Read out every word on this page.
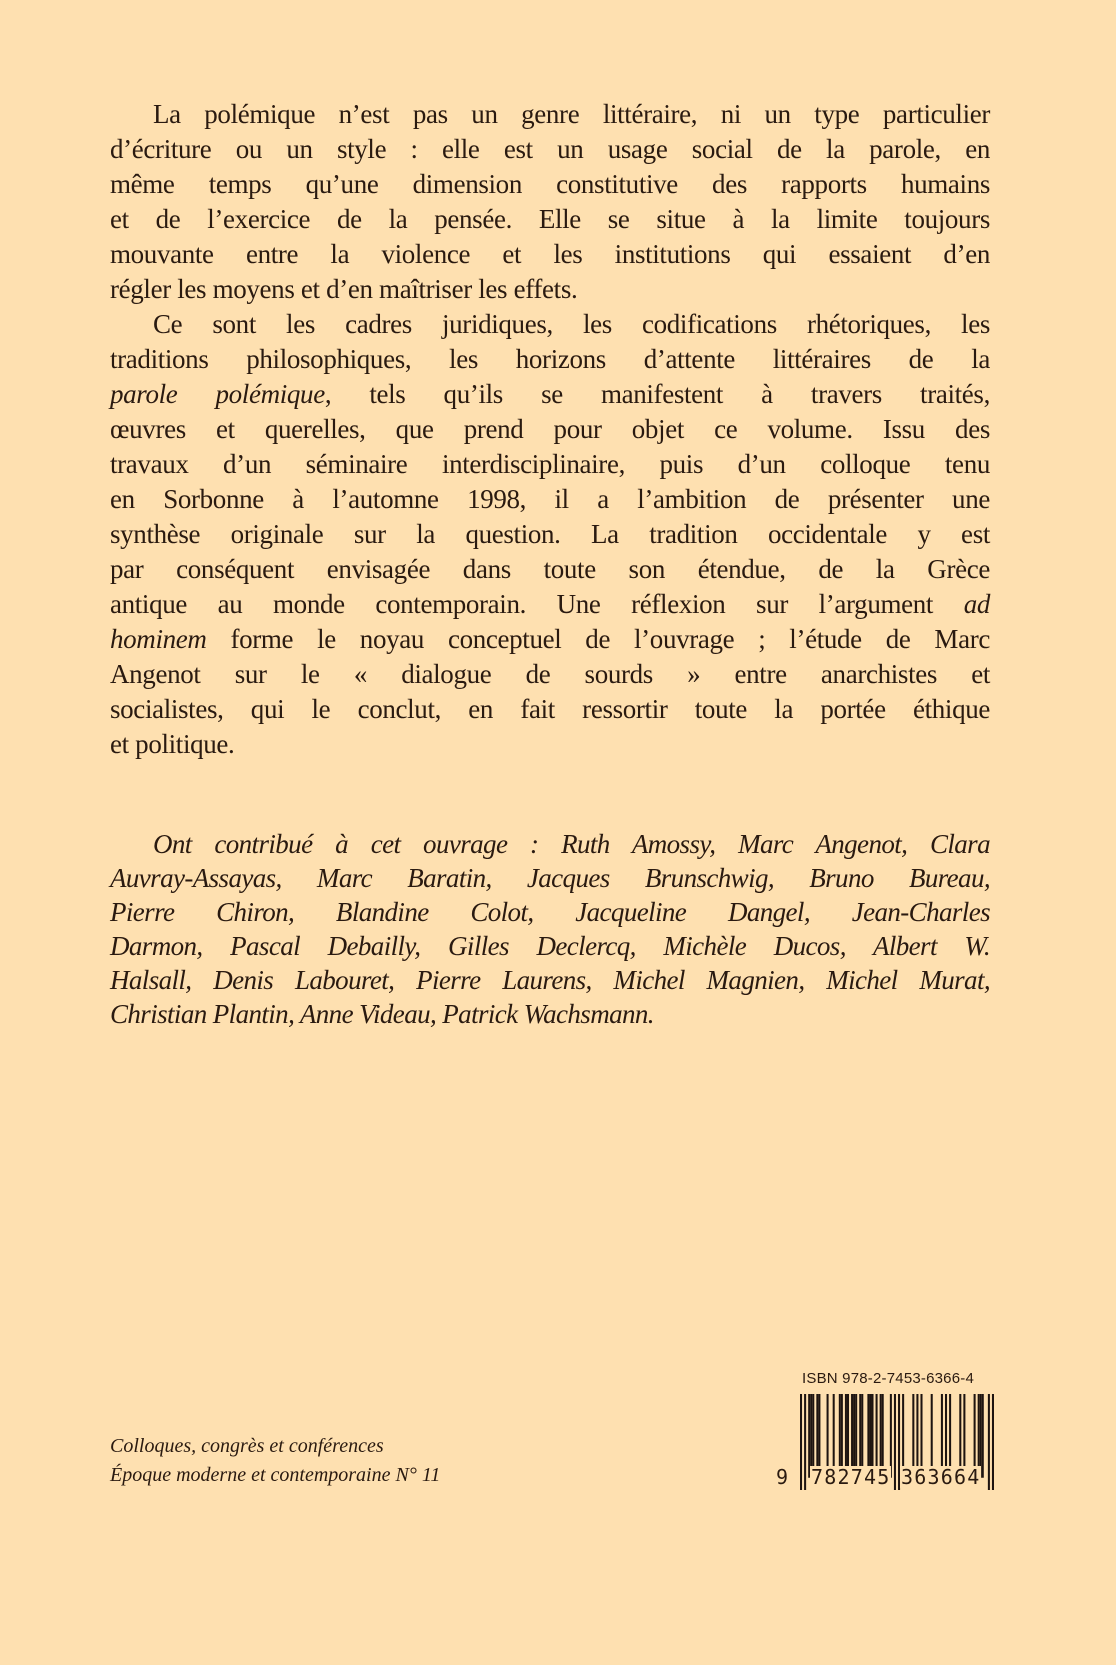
La polémique n’est pas un genre littéraire, ni un type particulier
d’écriture ou un style : elle est un usage social de la parole, en
même temps qu’une dimension constitutive des rapports humains
et de l’exercice de la pensée. Elle se situe à la limite toujours
mouvante entre la violence et les institutions qui essaient d’en
régler les moyens et d’en maîtriser les effets.
Ce sont les cadres juridiques, les codifications rhétoriques, les
traditions philosophiques, les horizons d’attente littéraires de la
parole polémique, tels qu’ils se manifestent à travers traités,
œuvres et querelles, que prend pour objet ce volume. Issu des
travaux d’un séminaire interdisciplinaire, puis d’un colloque tenu
en Sorbonne à l’automne 1998, il a l’ambition de présenter une
synthèse originale sur la question. La tradition occidentale y est
par conséquent envisagée dans toute son étendue, de la Grèce
antique au monde contemporain. Une réflexion sur l’argument ad
hominem forme le noyau conceptuel de l’ouvrage ; l’étude de Marc
Angenot sur le « dialogue de sourds » entre anarchistes et
socialistes, qui le conclut, en fait ressortir toute la portée éthique
et politique.
Ont contribué à cet ouvrage : Ruth Amossy, Marc Angenot, Clara
Auvray-Assayas, Marc Baratin, Jacques Brunschwig, Bruno Bureau,
Pierre Chiron, Blandine Colot, Jacqueline Dangel, Jean-Charles
Darmon, Pascal Debailly, Gilles Declercq, Michèle Ducos, Albert W.
Halsall, Denis Labouret, Pierre Laurens, Michel Magnien, Michel Murat,
Christian Plantin, Anne Videau, Patrick Wachsmann.
Colloques, congrès et conférences
Époque moderne et contemporaine N° 11
ISBN 978-2-7453-6366-4
9 782745 363664
